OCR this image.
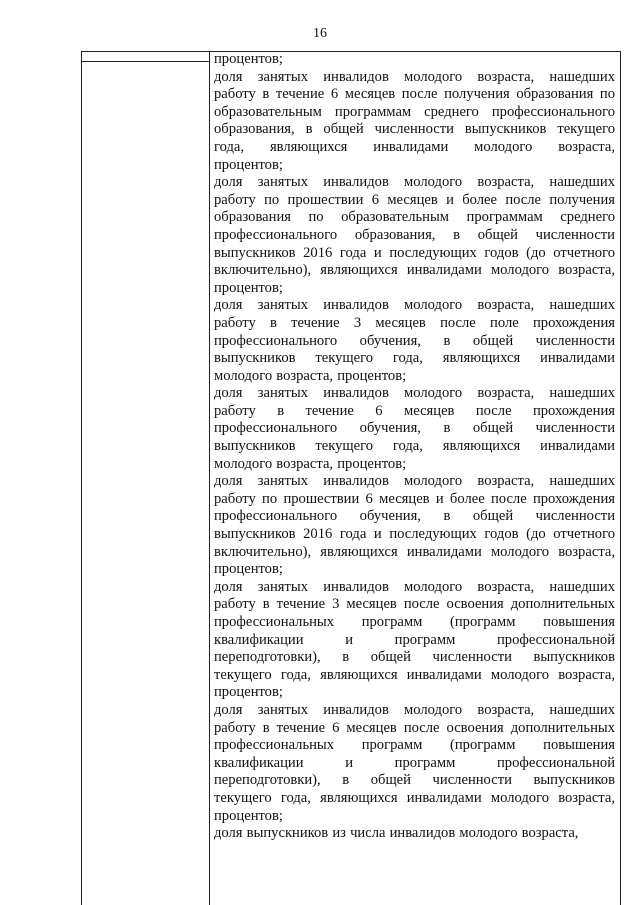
16

процентов;

доля занятых инвалидов молодого возраста, нашедших
работу в течение 6 месяцев после получения образования по
образовательным программам среднего профессионального
образования, в общей численности выпускников текущего
года, являющихся инвалидами молодого возраста,
процентов;

доля занятых инвалидов молодого возраста, нашедших
работу по прошествии 6 месяцев и более после получения
образования по образовательным программам среднего
профессионального образования, в общей численности
выпускников 2016 года и последующих годов (до отчетного
включительно), являющихся инвалидами молодого возраста,
процентов;

доля занятых инвалидов молодого возраста, нашедших
работу в течение 3 месяцев после поле прохождения
профессионального обучения, в общей численности
выпускников текущего года, являющихся инвалидами
молодого возраста, процентов;

доля занятых инвалидов молодого возраста, нашедших
работу в течение 6 месяцев после прохождения
профессионального обучения, в общей численности
выпускников текущего года, являющихся инвалидами
молодого возраста, процентов;

доля занятых инвалидов молодого возраста, нашедших
работу по прошествии 6 месяцев и более после прохождения
профессионального обучения, в общей численности
выпускников 2016 года и последующих годов (до отчетного
включительно), являющихся инвалидами молодого возраста,
процентов;

доля занятых инвалидов молодого возраста, нашедших
работу в течение 3 месяцев после освоения дополнительных
профессиональных программ (программ повышения
квалификации и программ профессиональной
переподготовки), в общей численности выпускников
текущего года, являющихся инвалидами молодого возраста,
процентов;

доля занятых инвалидов молодого возраста, нашедших
работу в течение 6 месяцев после освоения дополнительных
профессиональных программ (программ повышения
квалификации и программ профессиональной
переподготовки), в общей численности выпускников
текущего года, являющихся инвалидами молодого возраста,
процентов;

доля выпускников из числа инвалидов молодого возраста,
